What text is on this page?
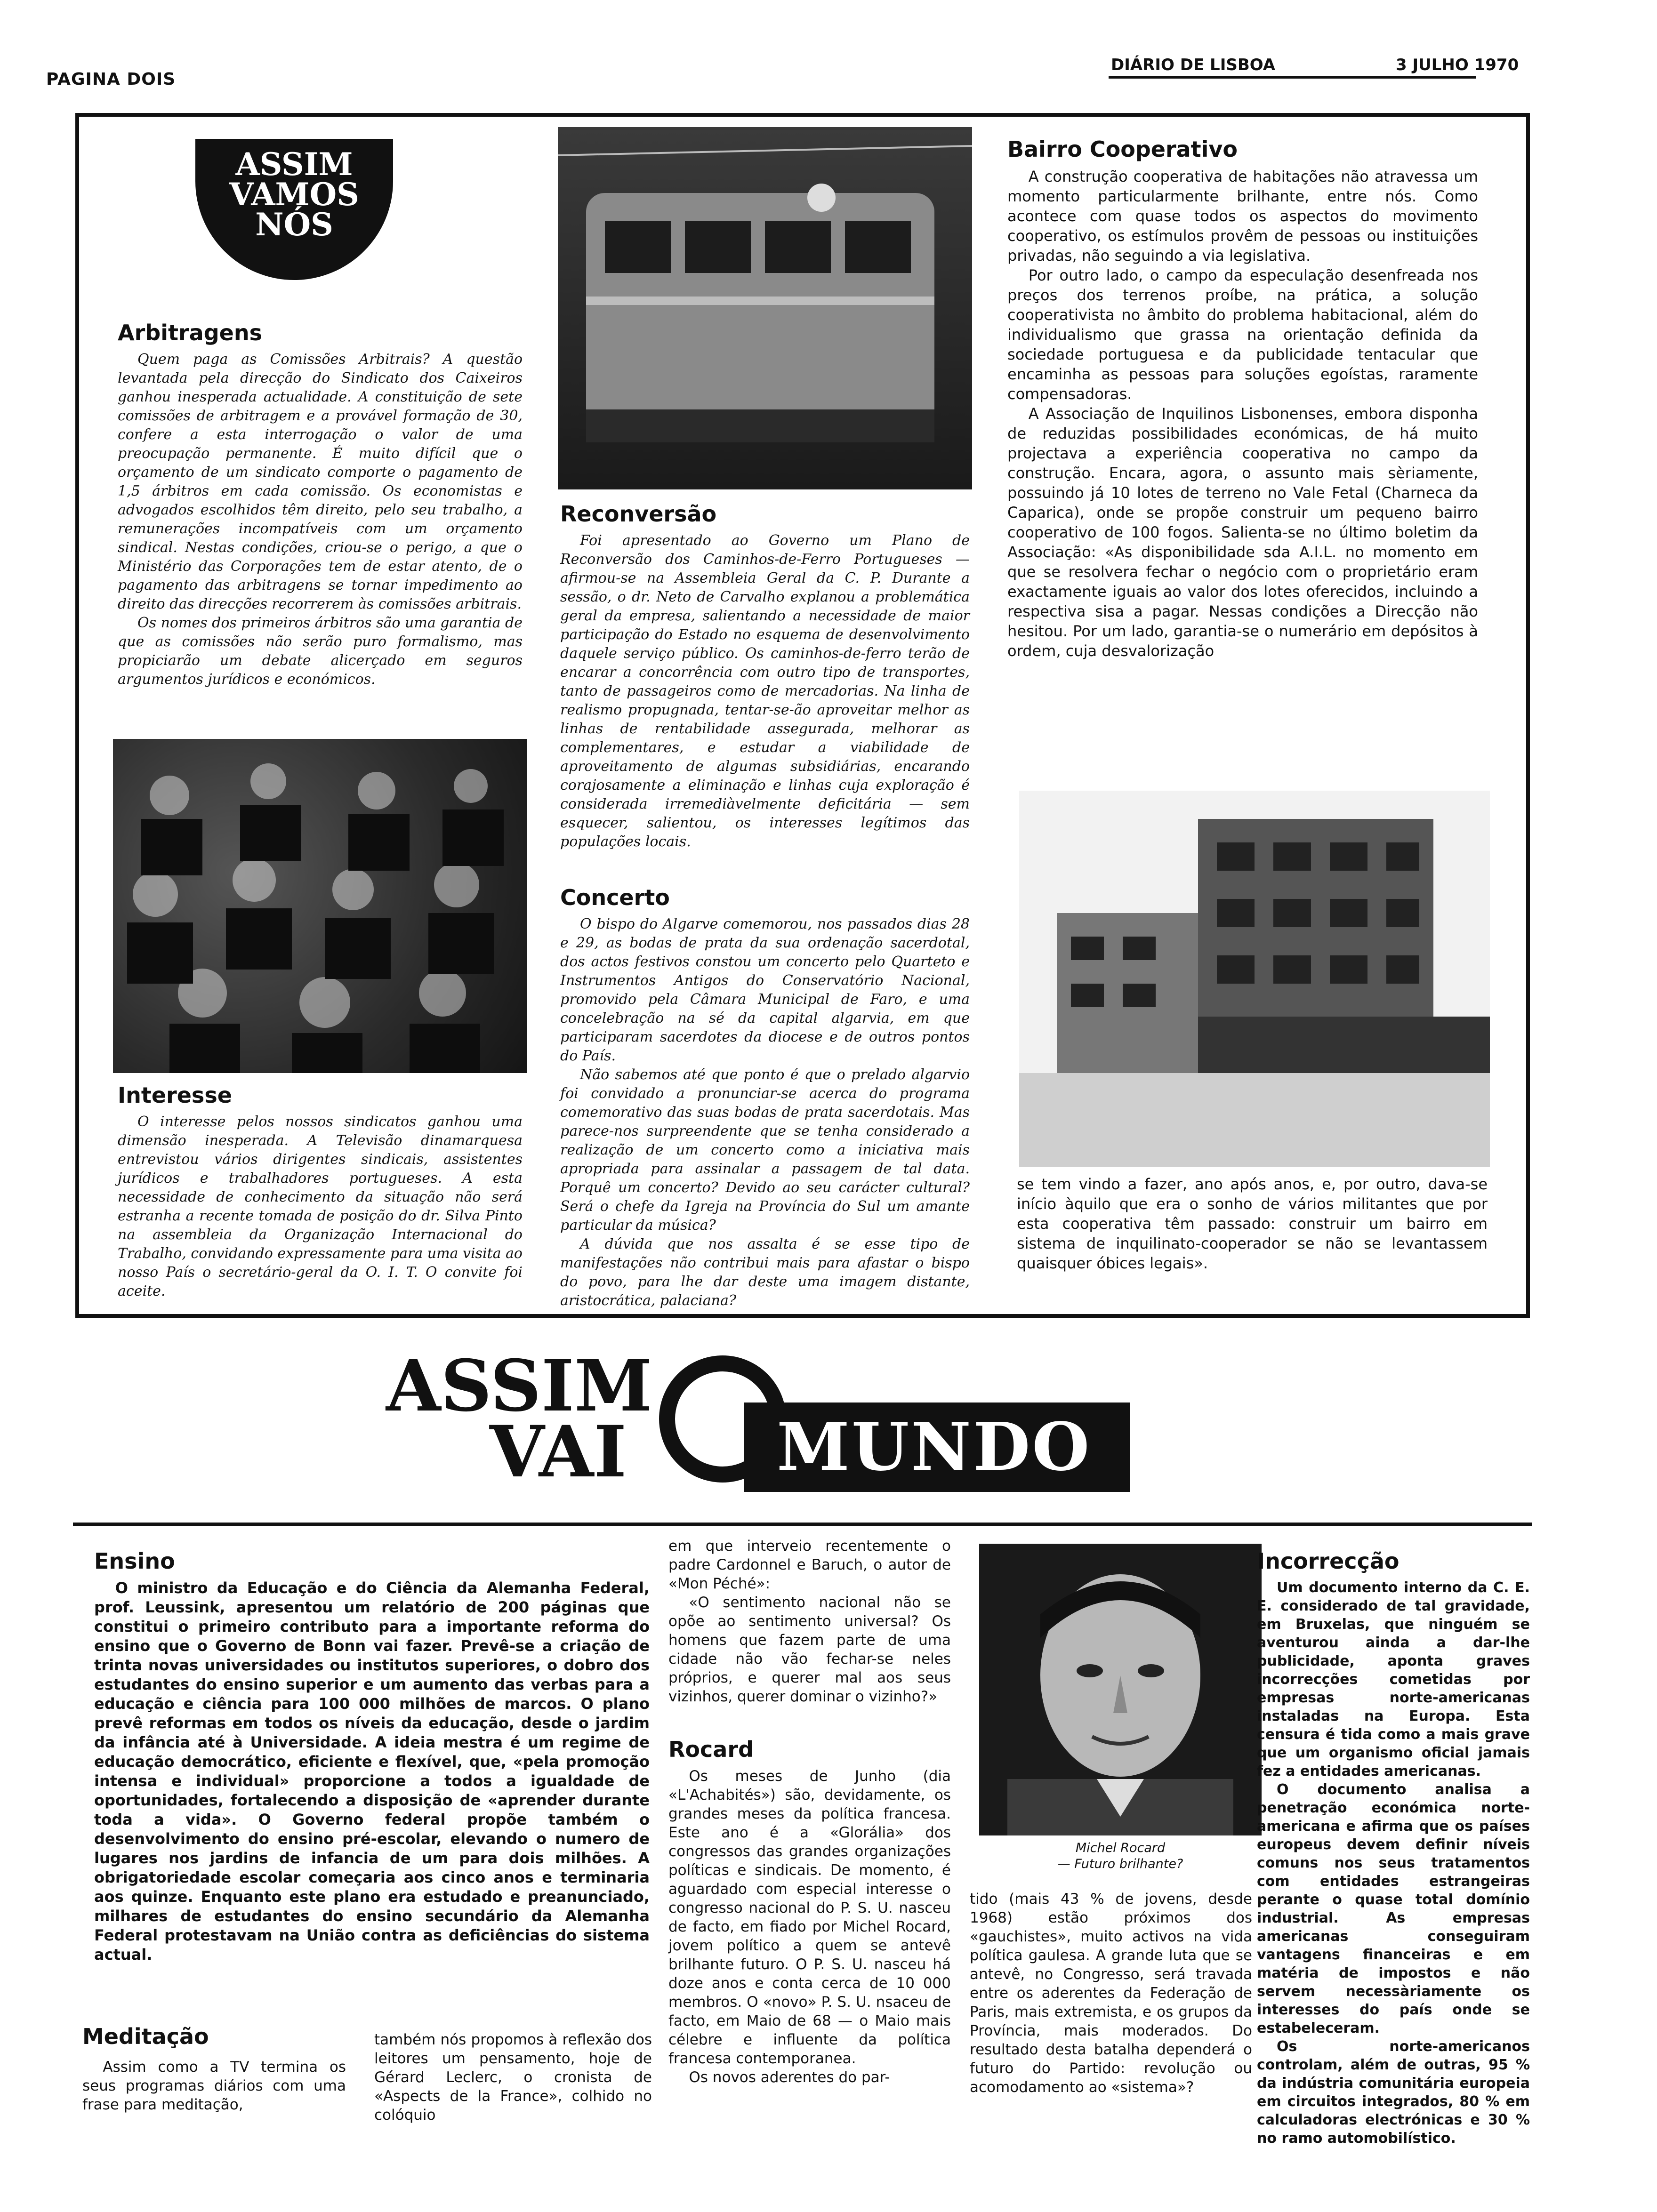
PAGINA DOIS
DIÁRIO DE LISBOA	3 JULHO 1970
ASSIM
VAMOS
NÓS
Arbitragens

Quem paga as Comissões Arbitrais? A questão levantada pela direcção do Sindicato dos Caixeiros ganhou inesperada actualidade. A constituição de sete comissões de arbitragem e a provável formação de 30, confere a esta interrogação o valor de uma preocupação permanente. É muito difícil que o orçamento de um sindicato comporte o pagamento de 1,5 árbitros em cada comissão. Os economistas e advogados escolhidos têm direito, pelo seu trabalho, a remunerações incompatíveis com um orçamento sindical. Nestas condições, criou-se o perigo, a que o Ministério das Corporações tem de estar atento, de o pagamento das arbitragens se tornar impedimento ao direito das direcções recorrerem às comissões arbitrais.

Os nomes dos primeiros árbitros são uma garantia de que as comissões não serão puro formalismo, mas propiciarão um debate alicerçado em seguros argumentos jurídicos e económicos.

Interesse

O interesse pelos nossos sindicatos ganhou uma dimensão inesperada. A Televisão dinamarquesa entrevistou vários dirigentes sindicais, assistentes jurídicos e trabalhadores portugueses. A esta necessidade de conhecimento da situação não será estranha a recente tomada de posição do dr. Silva Pinto na assembleia da Organização Internacional do Trabalho, convidando expressamente para uma visita ao nosso País o secretário-geral da O. I. T. O convite foi aceite.

Reconversão

Foi apresentado ao Governo um Plano de Reconversão dos Caminhos-de-Ferro Portugueses — afirmou-se na Assembleia Geral da C. P. Durante a sessão, o dr. Neto de Carvalho explanou a problemática geral da empresa, salientando a necessidade de maior participação do Estado no esquema de desenvolvimento daquele serviço público. Os caminhos-de-ferro terão de encarar a concorrência com outro tipo de transportes, tanto de passageiros como de mercadorias. Na linha de realismo propugnada, tentar-se-ão aproveitar melhor as linhas de rentabilidade assegurada, melhorar as complementares, e estudar a viabilidade de aproveitamento de algumas subsidiárias, encarando corajosamente a eliminação e linhas cuja exploração é considerada irremediàvelmente deficitária — sem esquecer, salientou, os interesses legítimos das populações locais.

Concerto

O bispo do Algarve comemorou, nos passados dias 28 e 29, as bodas de prata da sua ordenação sacerdotal, dos actos festivos constou um concerto pelo Quarteto e Instrumentos Antigos do Conservatório Nacional, promovido pela Câmara Municipal de Faro, e uma concelebração na sé da capital algarvia, em que participaram sacerdotes da diocese e de outros pontos do País.

Não sabemos até que ponto é que o prelado algarvio foi convidado a pronunciar-se acerca do programa comemorativo das suas bodas de prata sacerdotais. Mas parece-nos surpreendente que se tenha considerado a realização de um concerto como a iniciativa mais apropriada para assinalar a passagem de tal data. Porquê um concerto? Devido ao seu carácter cultural? Será o chefe da Igreja na Província do Sul um amante particular da música?

A dúvida que nos assalta é se esse tipo de manifestações não contribui mais para afastar o bispo do povo, para lhe dar deste uma imagem distante, aristocrática, palaciana?

Bairro Cooperativo

A construção cooperativa de habitações não atravessa um momento particularmente brilhante, entre nós. Como acontece com quase todos os aspectos do movimento cooperativo, os estímulos provêm de pessoas ou instituições privadas, não seguindo a via legislativa.

Por outro lado, o campo da especulação desenfreada nos preços dos terrenos proíbe, na prática, a solução cooperativista no âmbito do problema habitacional, além do individualismo que grassa na orientação definida da sociedade portuguesa e da publicidade tentacular que encaminha as pessoas para soluções egoístas, raramente compensadoras.

A Associação de Inquilinos Lisbonenses, embora disponha de reduzidas possibilidades económicas, de há muito projectava a experiência cooperativa no campo da construção. Encara, agora, o assunto mais sèriamente, possuindo já 10 lotes de terreno no Vale Fetal (Charneca da Caparica), onde se propõe construir um pequeno bairro cooperativo de 100 fogos. Salienta-se no último boletim da Associação: «As disponibilidade sda A.I.L. no momento em que se resolvera fechar o negócio com o proprietário eram exactamente iguais ao valor dos lotes oferecidos, incluindo a respectiva sisa a pagar. Nessas condições a Direcção não hesitou. Por um lado, garantia-se o numerário em depósitos à ordem, cuja desvalorização

se tem vindo a fazer, ano após anos, e, por outro, dava-se início àquilo que era o sonho de vários militantes que por esta cooperativa têm passado: construir um bairro em sistema de inquilinato-cooperador se não se levantassem quaisquer óbices legais».

ASSIM
VAI MUNDO
Ensino

O ministro da Educação e do Ciência da Alemanha Federal, prof. Leussink, apresentou um relatório de 200 páginas que constitui o primeiro contributo para a importante reforma do ensino que o Governo de Bonn vai fazer. Prevê-se a criação de trinta novas universidades ou institutos superiores, o dobro dos estudantes do ensino superior e um aumento das verbas para a educação e ciência para 100 000 milhões de marcos. O plano prevê reformas em todos os níveis da educação, desde o jardim da infância até à Universidade. A ideia mestra é um regime de educação democrático, eficiente e flexível, que, «pela promoção intensa e individual» proporcione a todos a igualdade de oportunidades, fortalecendo a disposição de «aprender durante toda a vida». O Governo federal propõe também o desenvolvimento do ensino pré-escolar, elevando o numero de lugares nos jardins de infancia de um para dois milhões. A obrigatoriedade escolar começaria aos cinco anos e terminaria aos quinze. Enquanto este plano era estudado e preanunciado, milhares de estudantes do ensino secundário da Alemanha Federal protestavam na União contra as deficiências do sistema actual.

Meditação

Assim como a TV termina os seus programas diários com uma frase para meditação,

também nós propomos à reflexão dos leitores um pensamento, hoje de Gérard Leclerc, o cronista de «Aspects de la France», colhido no colóquio

em que interveio recentemente o padre Cardonnel e Baruch, o autor de «Mon Péché»:

«O sentimento nacional não se opõe ao sentimento universal? Os homens que fazem parte de uma cidade não vão fechar-se neles próprios, e querer mal aos seus vizinhos, querer dominar o vizinho?»

Rocard

Os meses de Junho (dia «L'Achabités») são, devidamente, os grandes meses da política francesa. Este ano é a «Glorália» dos congressos das grandes organizações políticas e sindicais. De momento, é aguardado com especial interesse o congresso nacional do P. S. U. nasceu de facto, em fiado por Michel Rocard, jovem político a quem se antevê brilhante futuro. O P. S. U. nasceu há doze anos e conta cerca de 10 000 membros. O «novo» P. S. U. nsaceu de facto, em Maio de 68 — o Maio mais célebre e influente da política francesa contemporanea.

Os novos aderentes do par-

Michel Rocard
— Futuro brilhante?

tido (mais 43 % de jovens, desde 1968) estão próximos dos «gauchistes», muito activos na vida política gaulesa. A grande luta que se antevê, no Congresso, será travada entre os aderentes da Federação de Paris, mais extremista, e os grupos da Província, mais moderados. Do resultado desta batalha dependerá o futuro do Partido: revolução ou acomodamento ao «sistema»?

Incorrecção

Um documento interno da C. E. E. considerado de tal gravidade, em Bruxelas, que ninguém se aventurou ainda a dar-lhe publicidade, aponta graves incorrecções cometidas por empresas norte-americanas instaladas na Europa. Esta censura é tida como a mais grave que um organismo oficial jamais fez a entidades americanas.

O documento analisa a penetração económica norte-americana e afirma que os países europeus devem definir níveis comuns nos seus tratamentos com entidades estrangeiras perante o quase total domínio industrial. As empresas americanas conseguiram vantagens financeiras e em matéria de impostos e não servem necessàriamente os interesses do país onde se estabeleceram.

Os norte-americanos controlam, além de outras, 95 % da indústria comunitária europeia em circuitos integrados, 80 % em calculadoras electrónicas e 30 % no ramo automobilístico.
